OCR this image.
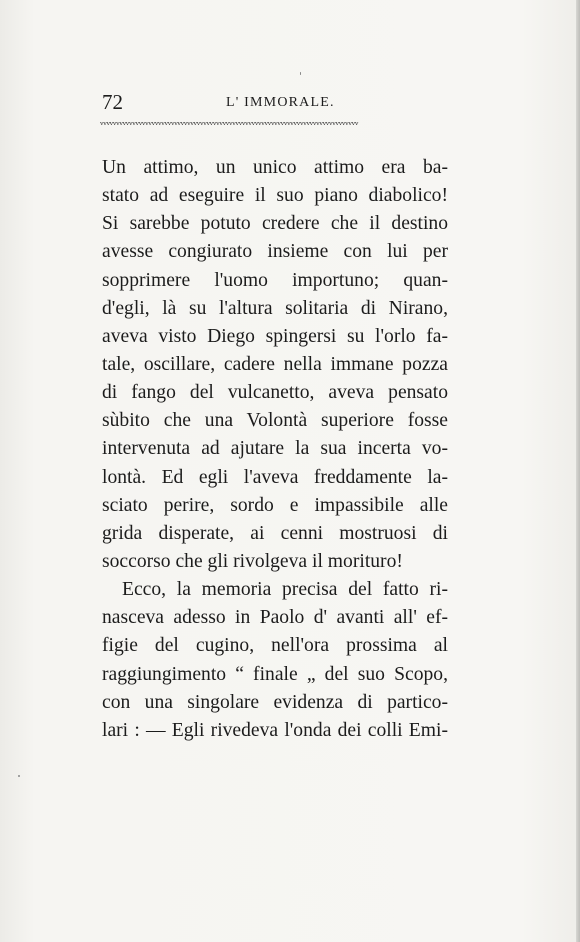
72	L' IMMORALE.
ᵥᵥᵥᵥᵥᵥᵥᵥᵥᵥᵥᵥᵥᵥᵥᵥᵥᵥᵥᵥᵥᵥᵥᵥᵥᵥᵥᵥᵥᵥᵥᵥᵥᵥᵥᵥᵥᵥᵥᵥᵥᵥᵥᵥᵥᵥᵥᵥᵥᵥᵥᵥᵥᵥᵥᵥᵥᵥᵥᵥᵥᵥᵥᵥᵥᵥᵥᵥᵥᵥᵥᵥᵥᵥᵥᵥᵥᵥᵥᵥ
Un attimo, un unico attimo era ba-
stato ad eseguire il suo piano diabolico!
Si sarebbe potuto credere che il destino
avesse congiurato insieme con lui per
sopprimere l'uomo importuno; quan-
d'egli, là su l'altura solitaria di Nirano,
aveva visto Diego spingersi su l'orlo fa-
tale, oscillare, cadere nella immane pozza
di fango del vulcanetto, aveva pensato
sùbito che una Volontà superiore fosse
intervenuta ad ajutare la sua incerta vo-
lontà. Ed egli l'aveva freddamente la-
sciato perire, sordo e impassibile alle
grida disperate, ai cenni mostruosi di
soccorso che gli rivolgeva il morituro!
Ecco, la memoria precisa del fatto ri-
nasceva adesso in Paolo d' avanti all' ef-
figie del cugino, nell'ora prossima al
raggiungimento “ finale „ del suo Scopo,
con una singolare evidenza di partico-
lari : — Egli rivedeva l'onda dei colli Emi-
